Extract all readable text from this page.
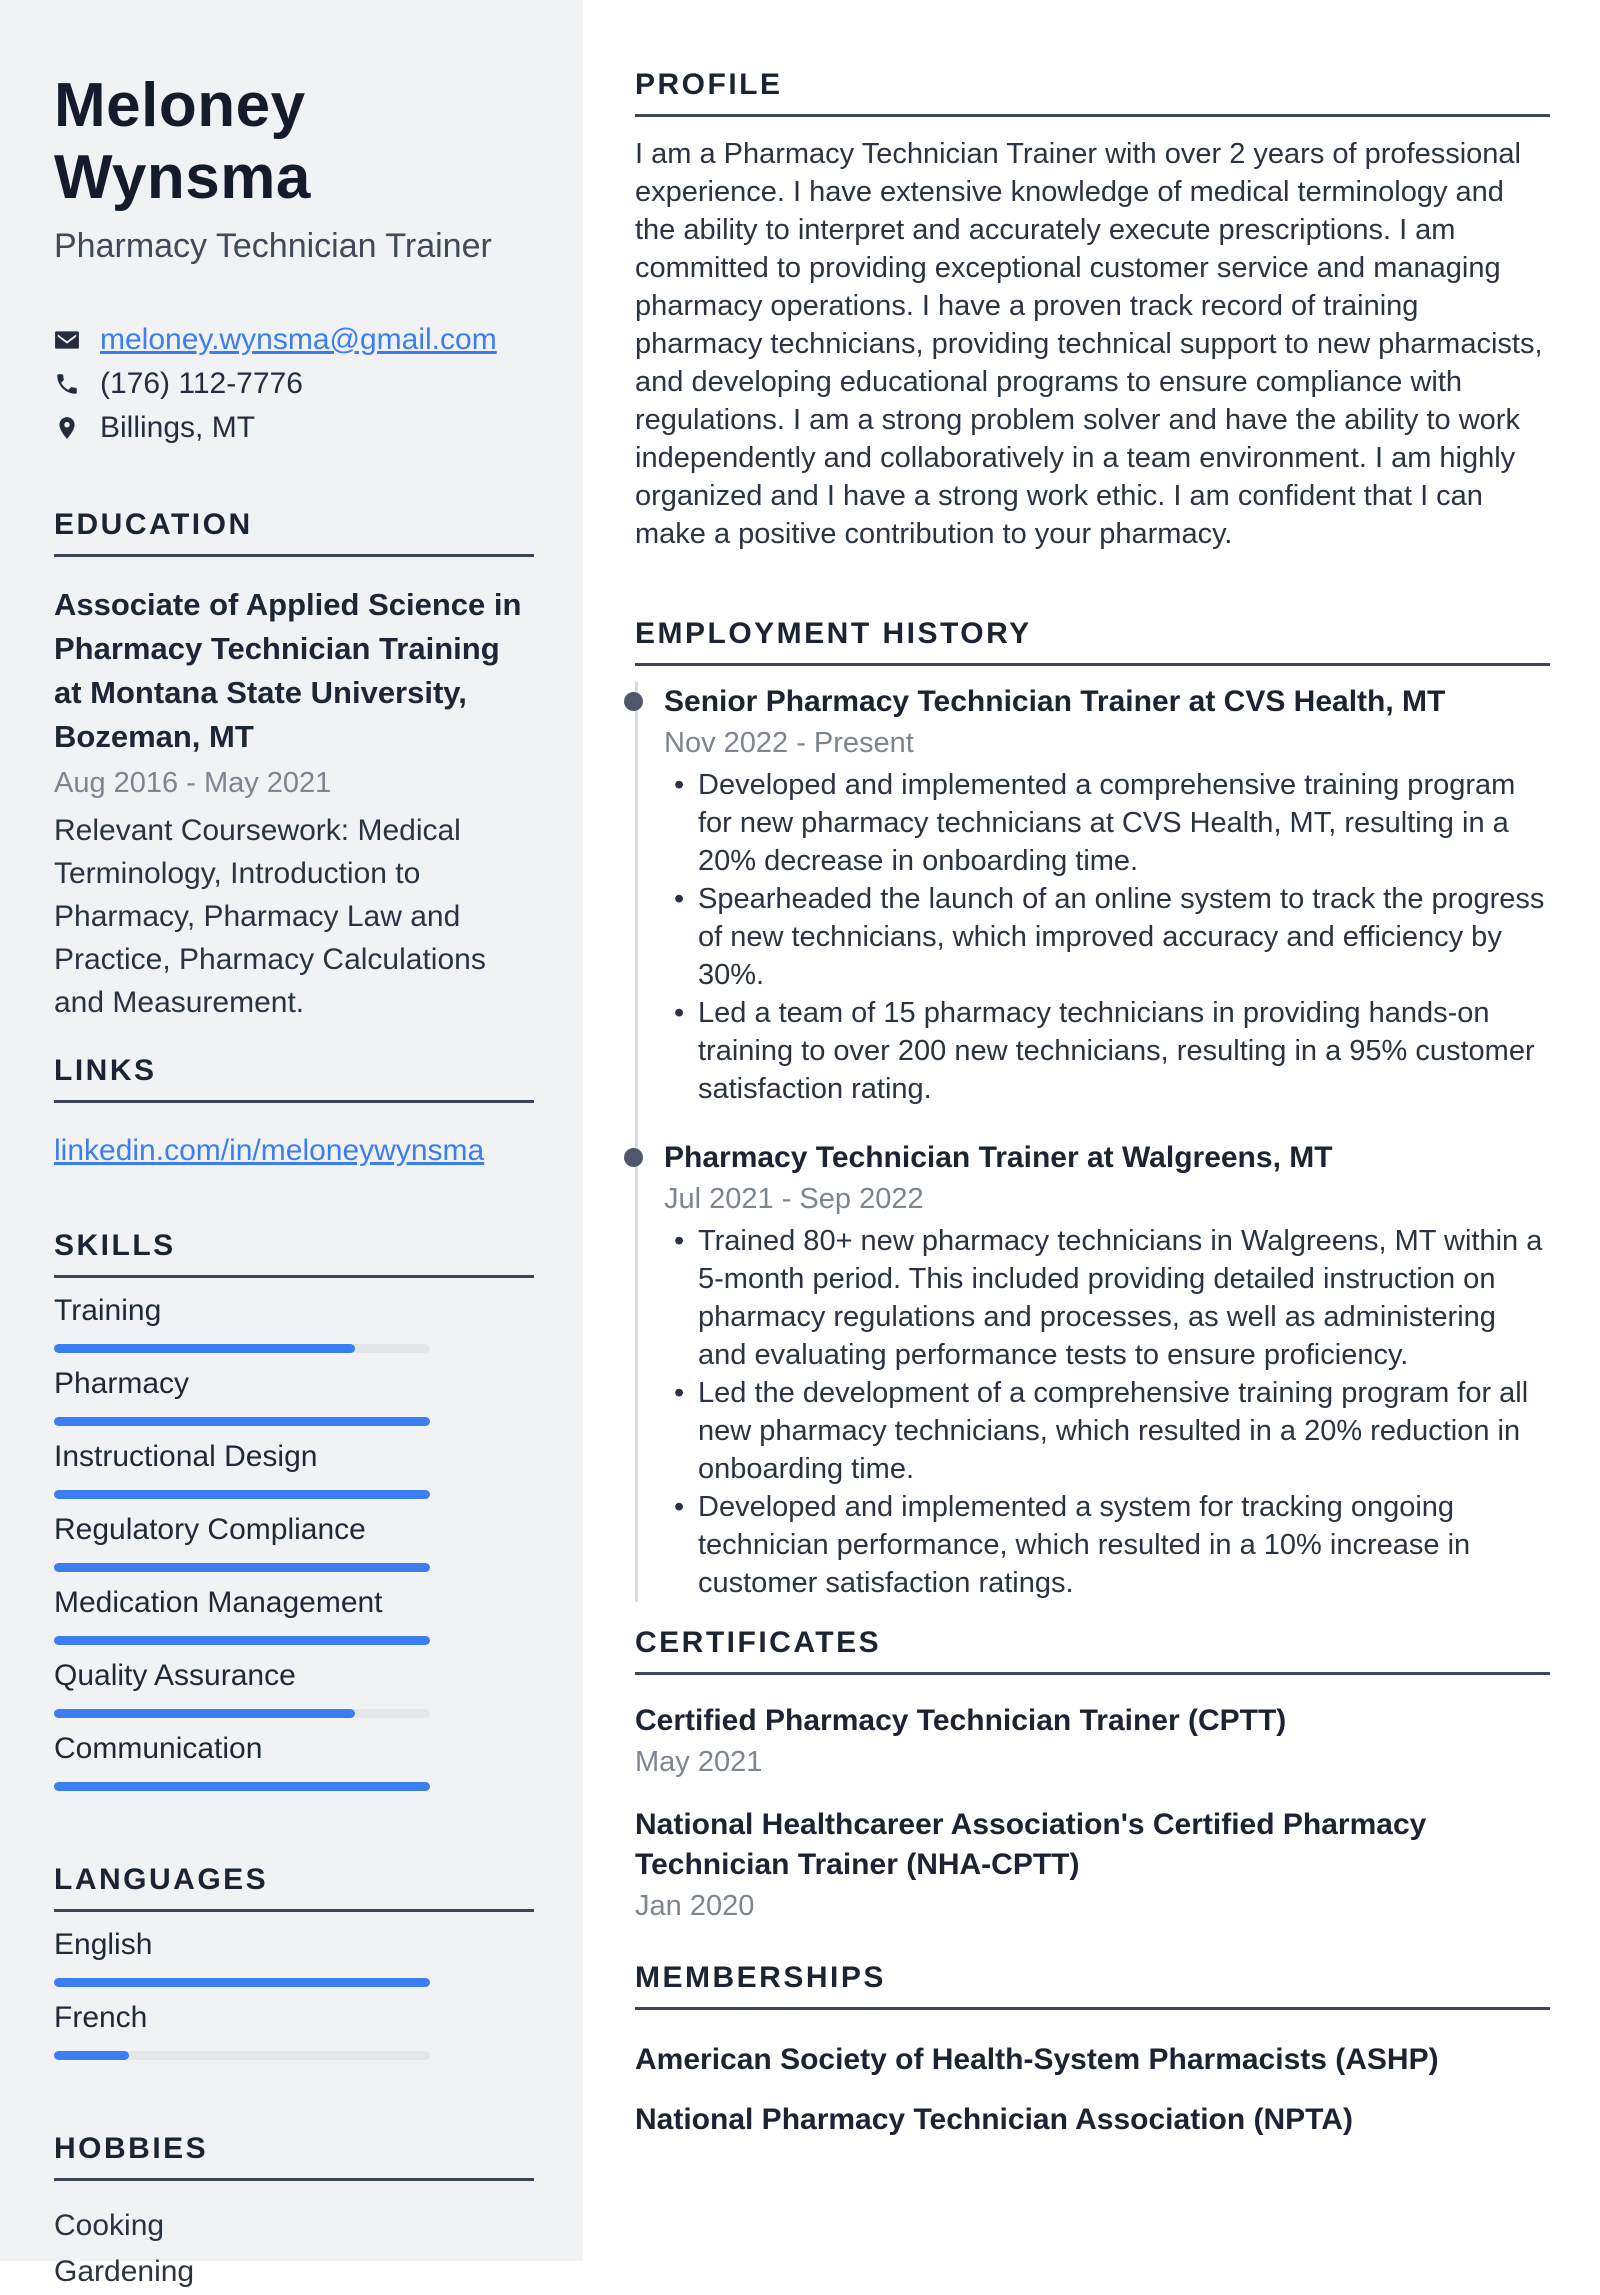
Meloney Wynsma
Pharmacy Technician Trainer
meloney.wynsma@gmail.com
(176) 112-7776
Billings, MT
EDUCATION
Associate of Applied Science in Pharmacy Technician Training at Montana State University, Bozeman, MT
Aug 2016 - May 2021
Relevant Coursework: Medical Terminology, Introduction to Pharmacy, Pharmacy Law and Practice, Pharmacy Calculations and Measurement.
LINKS
linkedin.com/in/meloneywynsma
SKILLS
Training
Pharmacy
Instructional Design
Regulatory Compliance
Medication Management
Quality Assurance
Communication
LANGUAGES
English
French
HOBBIES
Cooking
Gardening
PROFILE
I am a Pharmacy Technician Trainer with over 2 years of professional experience. I have extensive knowledge of medical terminology and the ability to interpret and accurately execute prescriptions. I am committed to providing exceptional customer service and managing pharmacy operations. I have a proven track record of training pharmacy technicians, providing technical support to new pharmacists, and developing educational programs to ensure compliance with regulations. I am a strong problem solver and have the ability to work independently and collaboratively in a team environment. I am highly organized and I have a strong work ethic. I am confident that I can make a positive contribution to your pharmacy.
EMPLOYMENT HISTORY
Senior Pharmacy Technician Trainer at CVS Health, MT
Nov 2022 - Present
• Developed and implemented a comprehensive training program for new pharmacy technicians at CVS Health, MT, resulting in a 20% decrease in onboarding time.
• Spearheaded the launch of an online system to track the progress of new technicians, which improved accuracy and efficiency by 30%.
• Led a team of 15 pharmacy technicians in providing hands-on training to over 200 new technicians, resulting in a 95% customer satisfaction rating.
Pharmacy Technician Trainer at Walgreens, MT
Jul 2021 - Sep 2022
• Trained 80+ new pharmacy technicians in Walgreens, MT within a 5-month period. This included providing detailed instruction on pharmacy regulations and processes, as well as administering and evaluating performance tests to ensure proficiency.
• Led the development of a comprehensive training program for all new pharmacy technicians, which resulted in a 20% reduction in onboarding time.
• Developed and implemented a system for tracking ongoing technician performance, which resulted in a 10% increase in customer satisfaction ratings.
CERTIFICATES
Certified Pharmacy Technician Trainer (CPTT)
May 2021
National Healthcareer Association's Certified Pharmacy Technician Trainer (NHA-CPTT)
Jan 2020
MEMBERSHIPS
American Society of Health-System Pharmacists (ASHP)
National Pharmacy Technician Association (NPTA)
